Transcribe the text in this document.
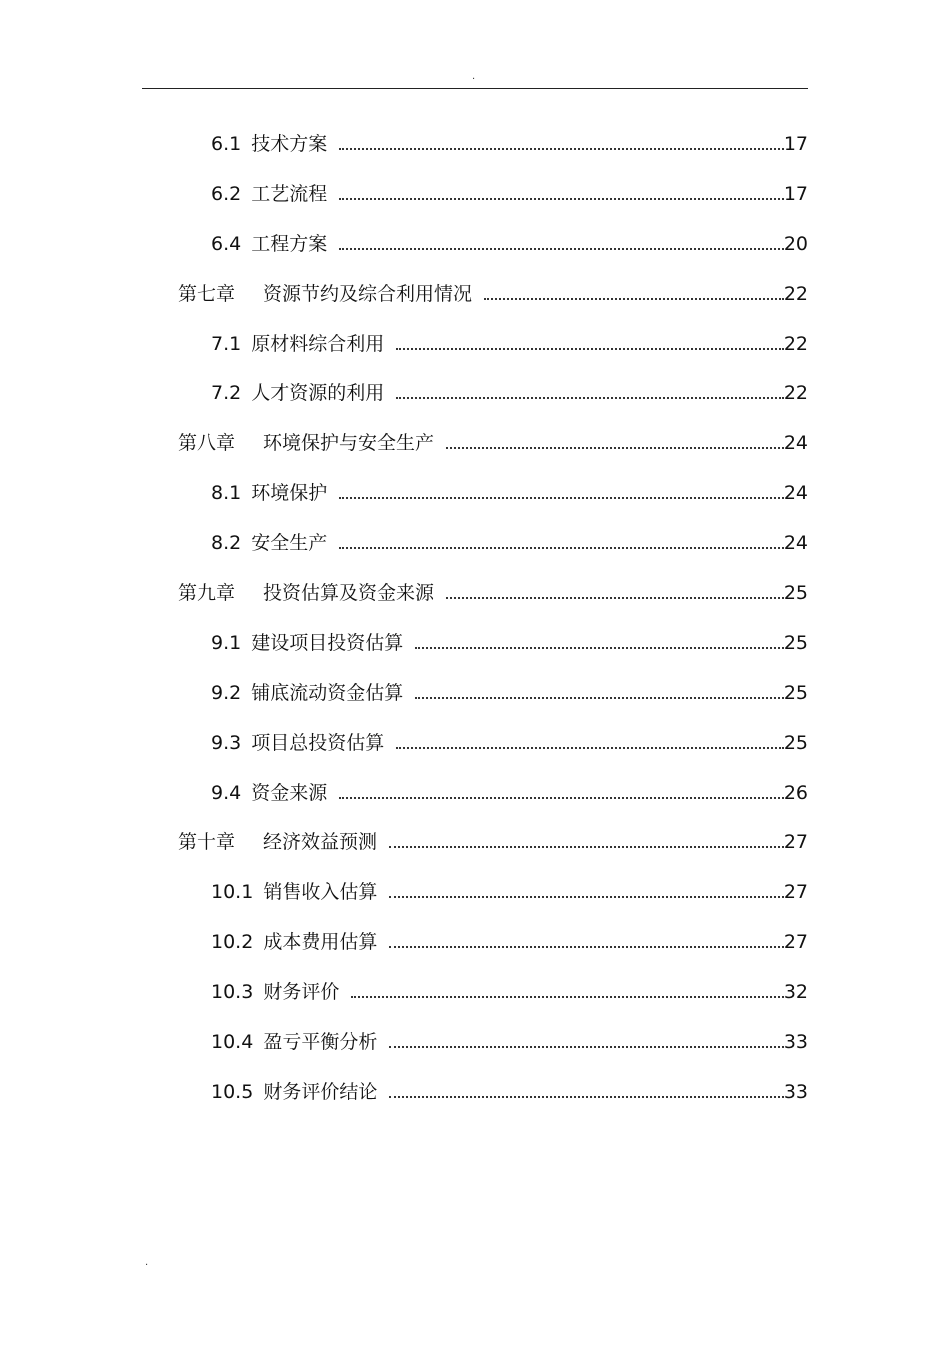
.
6.1 技术方案	17
6.2 工艺流程	17
6.4 工程方案	20
第七章 资源节约及综合利用情况	22
7.1 原材料综合利用	22
7.2 人才资源的利用	22
第八章 环境保护与安全生产	24
8.1 环境保护	24
8.2 安全生产	24
第九章 投资估算及资金来源	25
9.1 建设项目投资估算	25
9.2 铺底流动资金估算	25
9.3 项目总投资估算	25
9.4 资金来源	26
第十章 经济效益预测	27
10.1 销售收入估算	27
10.2 成本费用估算	27
10.3 财务评价	32
10.4 盈亏平衡分析	33
10.5 财务评价结论	33
.
